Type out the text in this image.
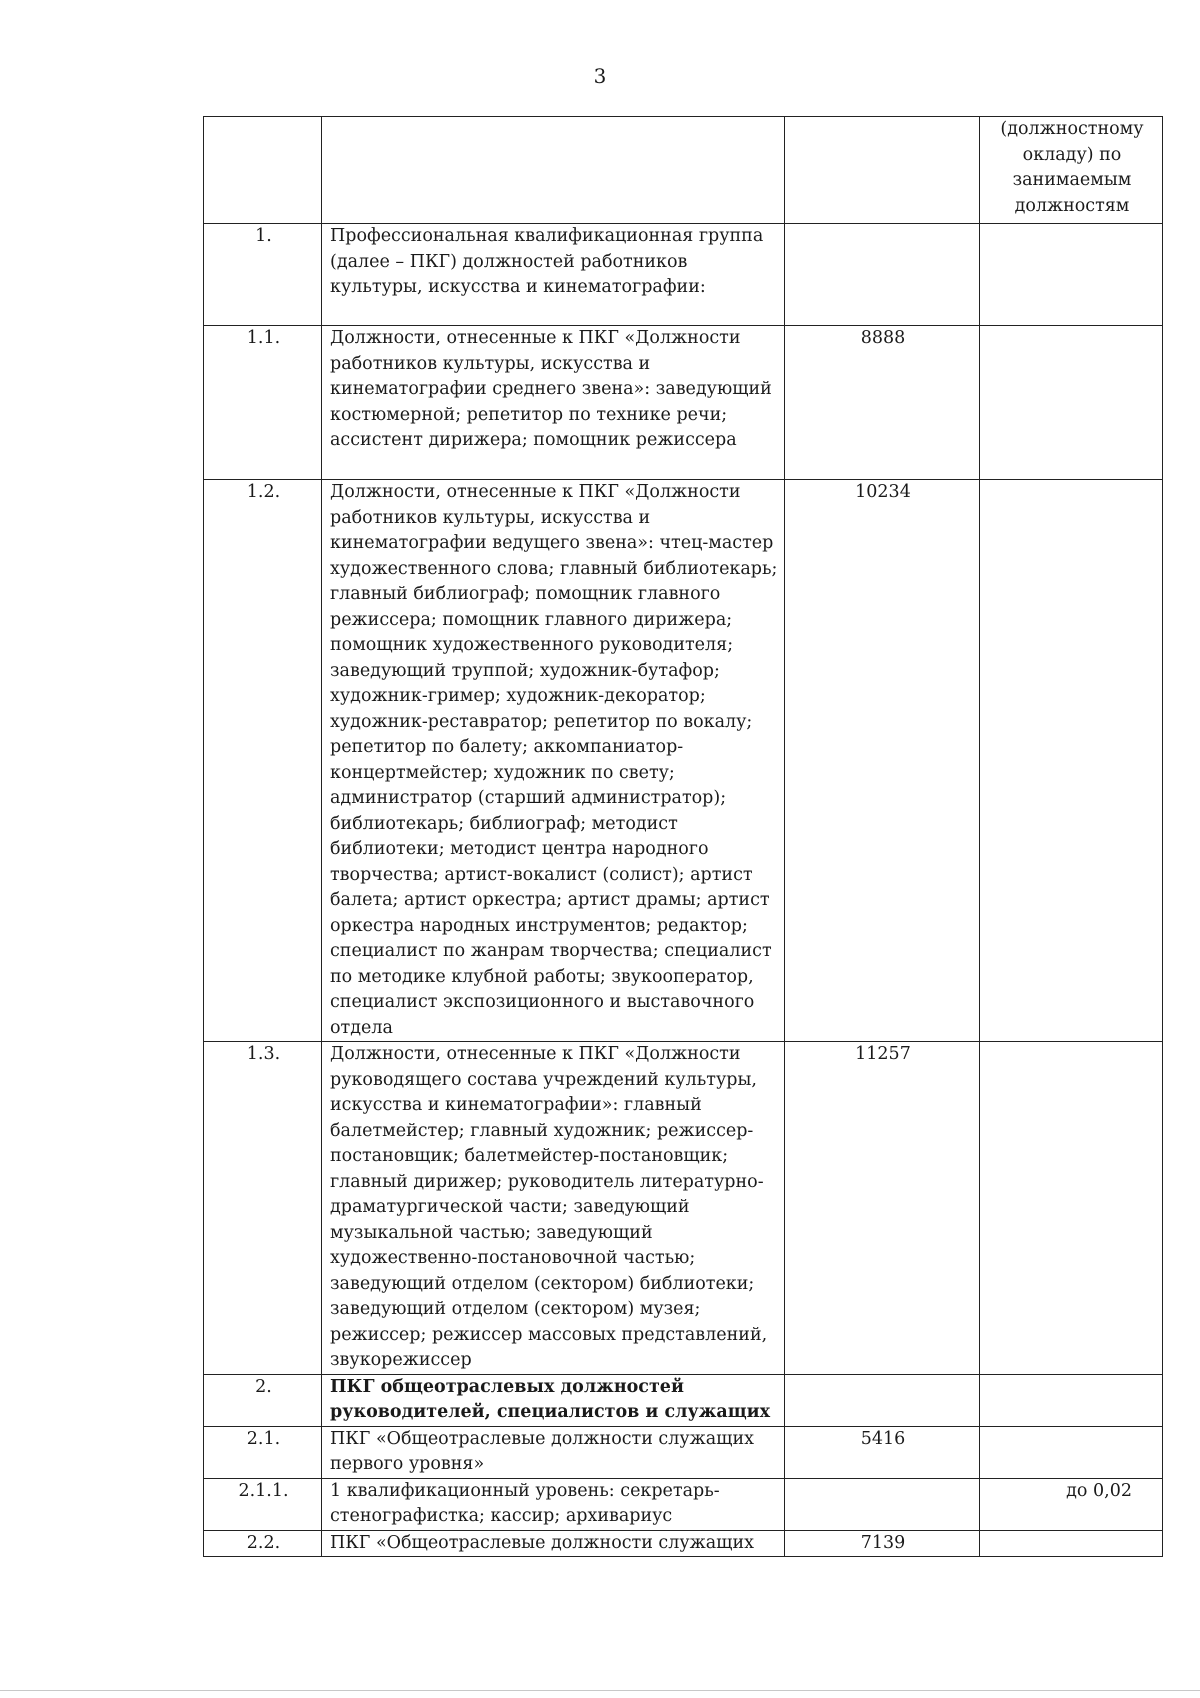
3
			(должностному окладу) по занимаемым должностям
1.	Профессиональная квалификационная группа (далее – ПКГ) должностей работников культуры, искусства и кинематографии:		
1.1.	Должности, отнесенные к ПКГ «Должности работников культуры, искусства и кинематографии среднего звена»: заведующий костюмерной; репетитор по технике речи; ассистент дирижера; помощник режиссера	8888	
1.2.	Должности, отнесенные к ПКГ «Должности работников культуры, искусства и кинематографии ведущего звена»: чтец-мастер художественного слова; главный библиотекарь; главный библиограф; помощник главного режиссера; помощник главного дирижера; помощник художественного руководителя; заведующий труппой; художник-бутафор; художник-гример; художник-декоратор; художник-реставратор; репетитор по вокалу; репетитор по балету; аккомпаниатор-концертмейстер; художник по свету; администратор (старший администратор); библиотекарь; библиограф; методист библиотеки; методист центра народного творчества; артист-вокалист (солист); артист балета; артист оркестра; артист драмы; артист оркестра народных инструментов; редактор; специалист по жанрам творчества; специалист по методике клубной работы; звукооператор, специалист экспозиционного и выставочного отдела	10234	
1.3.	Должности, отнесенные к ПКГ «Должности руководящего состава учреждений культуры, искусства и кинематографии»: главный балетмейстер; главный художник; режиссер-постановщик; балетмейстер-постановщик; главный дирижер; руководитель литературно-драматургической части; заведующий музыкальной частью; заведующий художественно-постановочной частью; заведующий отделом (сектором) библиотеки; заведующий отделом (сектором) музея; режиссер; режиссер массовых представлений, звукорежиссер	11257	
2.	ПКГ общеотраслевых должностей руководителей, специалистов и служащих		
2.1.	ПКГ «Общеотраслевые должности служащих первого уровня»	5416	
2.1.1.	1 квалификационный уровень: секретарь-стенографистка; кассир; архивариус		до 0,02
2.2.	ПКГ «Общеотраслевые должности служащих	7139	
